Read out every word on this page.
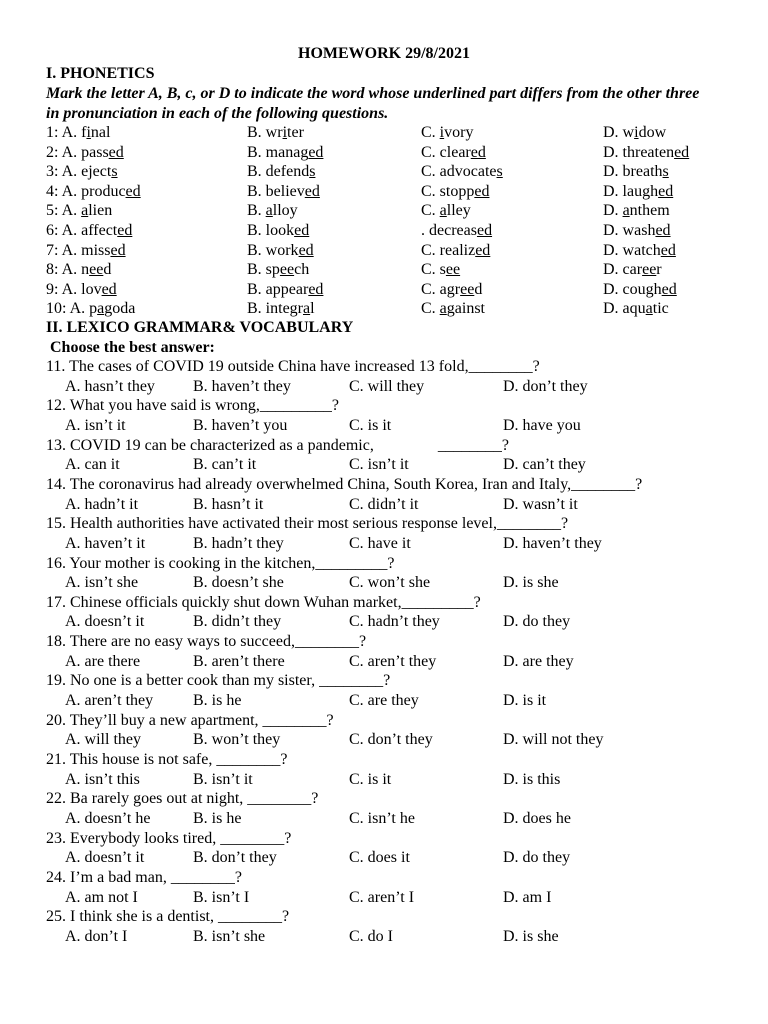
HOMEWORK 29/8/2021
I. PHONETICS
Mark the letter A, B, c, or D to indicate the word whose underlined part differs from the other three in pronunciation in each of the following questions.
1: A. final	B. writer	C. ivory	D. widow
2: A. passed	B. managed	C. cleared	D. threatened
3: A. ejects	B. defends	C. advocates	D. breaths
4: A. produced	B. believed	C. stopped	D. laughed
5: A. alien	B. alloy	C. alley	D. anthem
6: A. affected	B. looked	. decreased	D. washed
7: A. missed	B. worked	C. realized	D. watched
8: A. need	B. speech	C. see	D. career
9: A. loved	B. appeared	C. agreed	D. coughed
10: A. pagoda	B. integral	C. against	D. aquatic
II. LEXICO GRAMMAR& VOCABULARY
Choose the best answer:
11. The cases of COVID 19 outside China have increased 13 fold,________?
A. hasn’t they B. haven’t they	C. will they	D. don’t they
12. What you have said is wrong,_________?
A. isn’t it	B. haven’t you	C. is it	D. have you
13. COVID 19 can be characterized as a pandemic,                ________?
A. can it	B. can’t it	C. isn’t it	D. can’t they
14. The coronavirus had already overwhelmed China, South Korea, Iran and Italy,________?
A. hadn’t it	B. hasn’t it	C. didn’t it	D. wasn’t it
15. Health authorities have activated their most serious response level,________?
A. haven’t it	B. hadn’t they	C. have it	D. haven’t they
16. Your mother is cooking in the kitchen,_________?
A. isn’t she	B. doesn’t she	C. won’t she	D. is she
17. Chinese officials quickly shut down Wuhan market,_________?
A. doesn’t it	B. didn’t they	C. hadn’t they	D. do they
18. There are no easy ways to succeed,________?
A. are there	B. aren’t there	C. aren’t they	D. are they
19. No one is a better cook than my sister, ________?
A. aren’t they B. is he	C. are they	D. is it
20. They’ll buy a new apartment, ________?
A. will they	B. won’t they	C. don’t they	D. will not they
21. This house is not safe, ________?
A. isn’t this	B. isn’t it	C. is it	D. is this
22. Ba rarely goes out at night, ________?
A. doesn’t he	B. is he	C. isn’t he	D. does he
23. Everybody looks tired, ________?
A. doesn’t it	B. don’t they	C. does it	D. do they
24. I’m a bad man, ________?
A. am not I	B. isn’t I	C. aren’t I	D. am I
25. I think she is a dentist, ________?
A. don’t I	B. isn’t she	C. do I	D. is she
